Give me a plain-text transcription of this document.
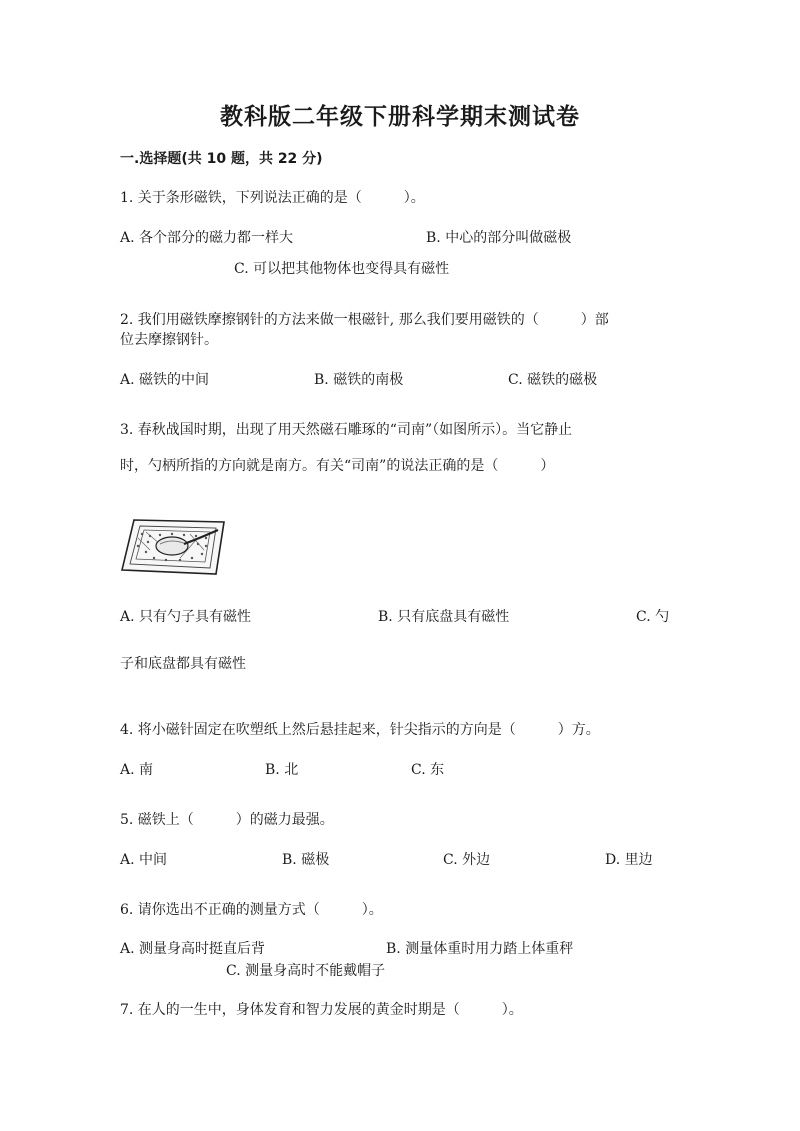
教科版二年级下册科学期末测试卷
一.选择题(共 10 题，共 22 分)
1. 关于条形磁铁，下列说法正确的是（　　　）。
A. 各个部分的磁力都一样大	B. 中心的部分叫做磁极
C. 可以把其他物体也变得具有磁性
2. 我们用磁铁摩擦钢针的方法来做一根磁针, 那么我们要用磁铁的（　　　）部
位去摩擦钢针。
A. 磁铁的中间	B. 磁铁的南极	C. 磁铁的磁极
3. 春秋战国时期，出现了用天然磁石雕琢的“司南”（如图所示）。当它静止
时，勺柄所指的方向就是南方。有关“司南”的说法正确的是（　　　）
A. 只有勺子具有磁性	B. 只有底盘具有磁性	C. 勺
子和底盘都具有磁性
4. 将小磁针固定在吹塑纸上然后悬挂起来，针尖指示的方向是（　　　）方。
A. 南	B. 北	C. 东
5. 磁铁上（　　　）的磁力最强。
A. 中间	B. 磁极	C. 外边	D. 里边
6. 请你选出不正确的测量方式（　　　）。
A. 测量身高时挺直后背	B. 测量体重时用力踏上体重秤
C. 测量身高时不能戴帽子
7. 在人的一生中，身体发育和智力发展的黄金时期是（　　　）。
